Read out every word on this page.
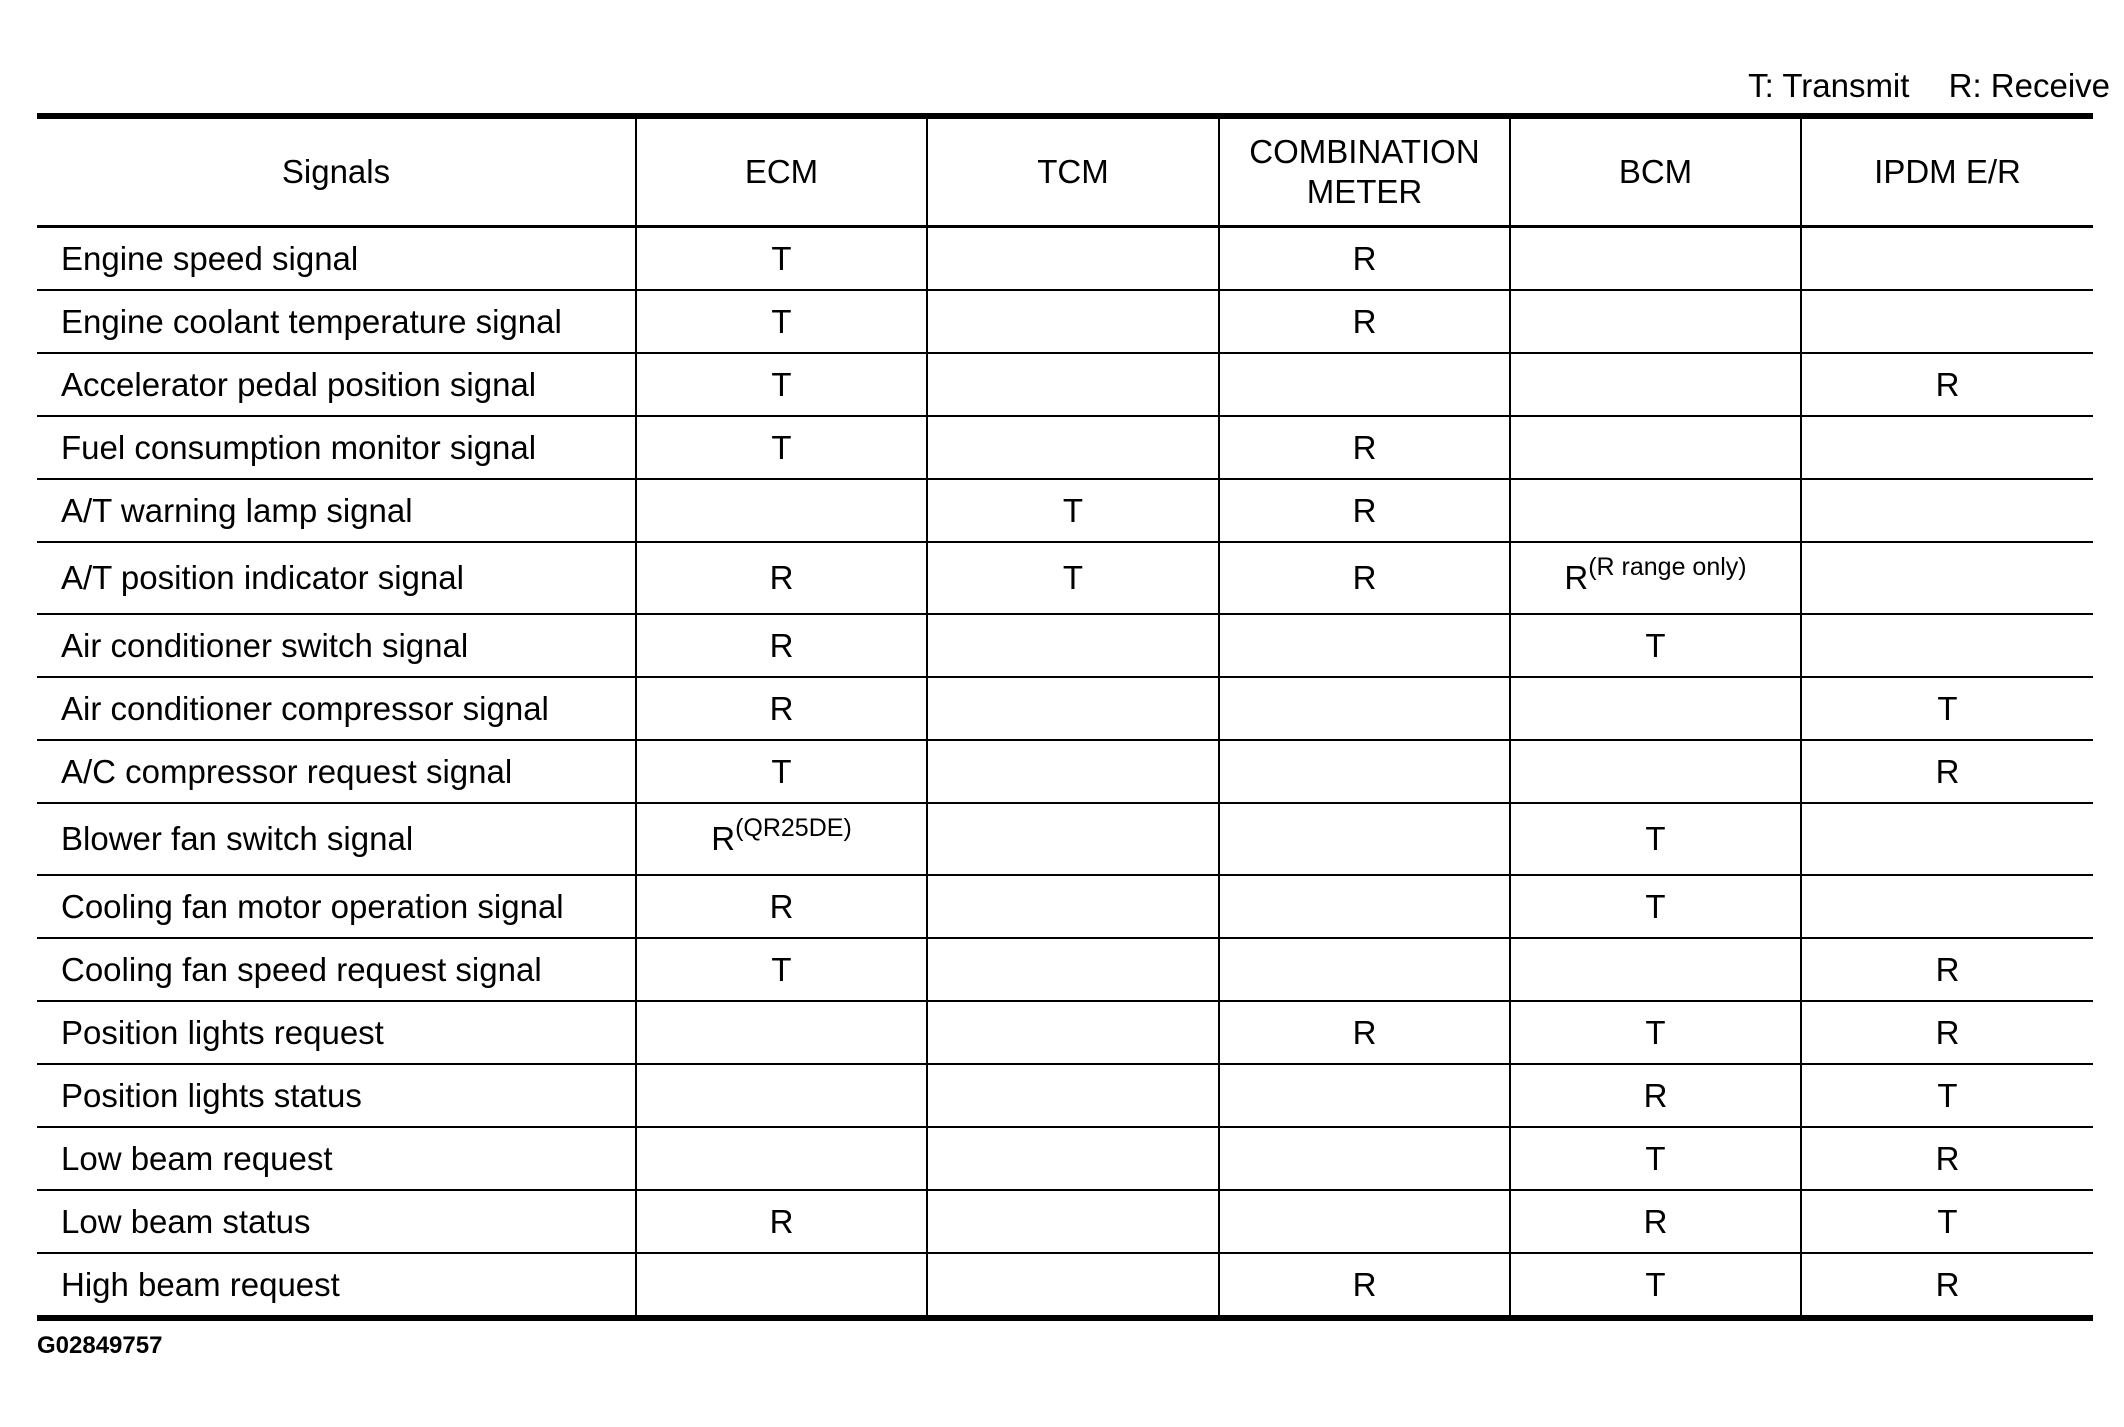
T: Transmit R: Receive
Signals	ECM	TCM	COMBINATION
METER	BCM	IPDM E/R
Engine speed signal	T		R		
Engine coolant temperature signal	T		R		
Accelerator pedal position signal	T				R
Fuel consumption monitor signal	T		R		
A/T warning lamp signal		T	R		
A/T position indicator signal	R	T	R	$R^{(R range only)}$	
Air conditioner switch signal	R			T	
Air conditioner compressor signal	R				T
A/C compressor request signal	T				R
Blower fan switch signal	$R^{(QR25DE)}$			T	
Cooling fan motor operation signal	R			T	
Cooling fan speed request signal	T				R
Position lights request			R	T	R
Position lights status				R	T
Low beam request				T	R
Low beam status	R			R	T
High beam request			R	T	R
G02849757
